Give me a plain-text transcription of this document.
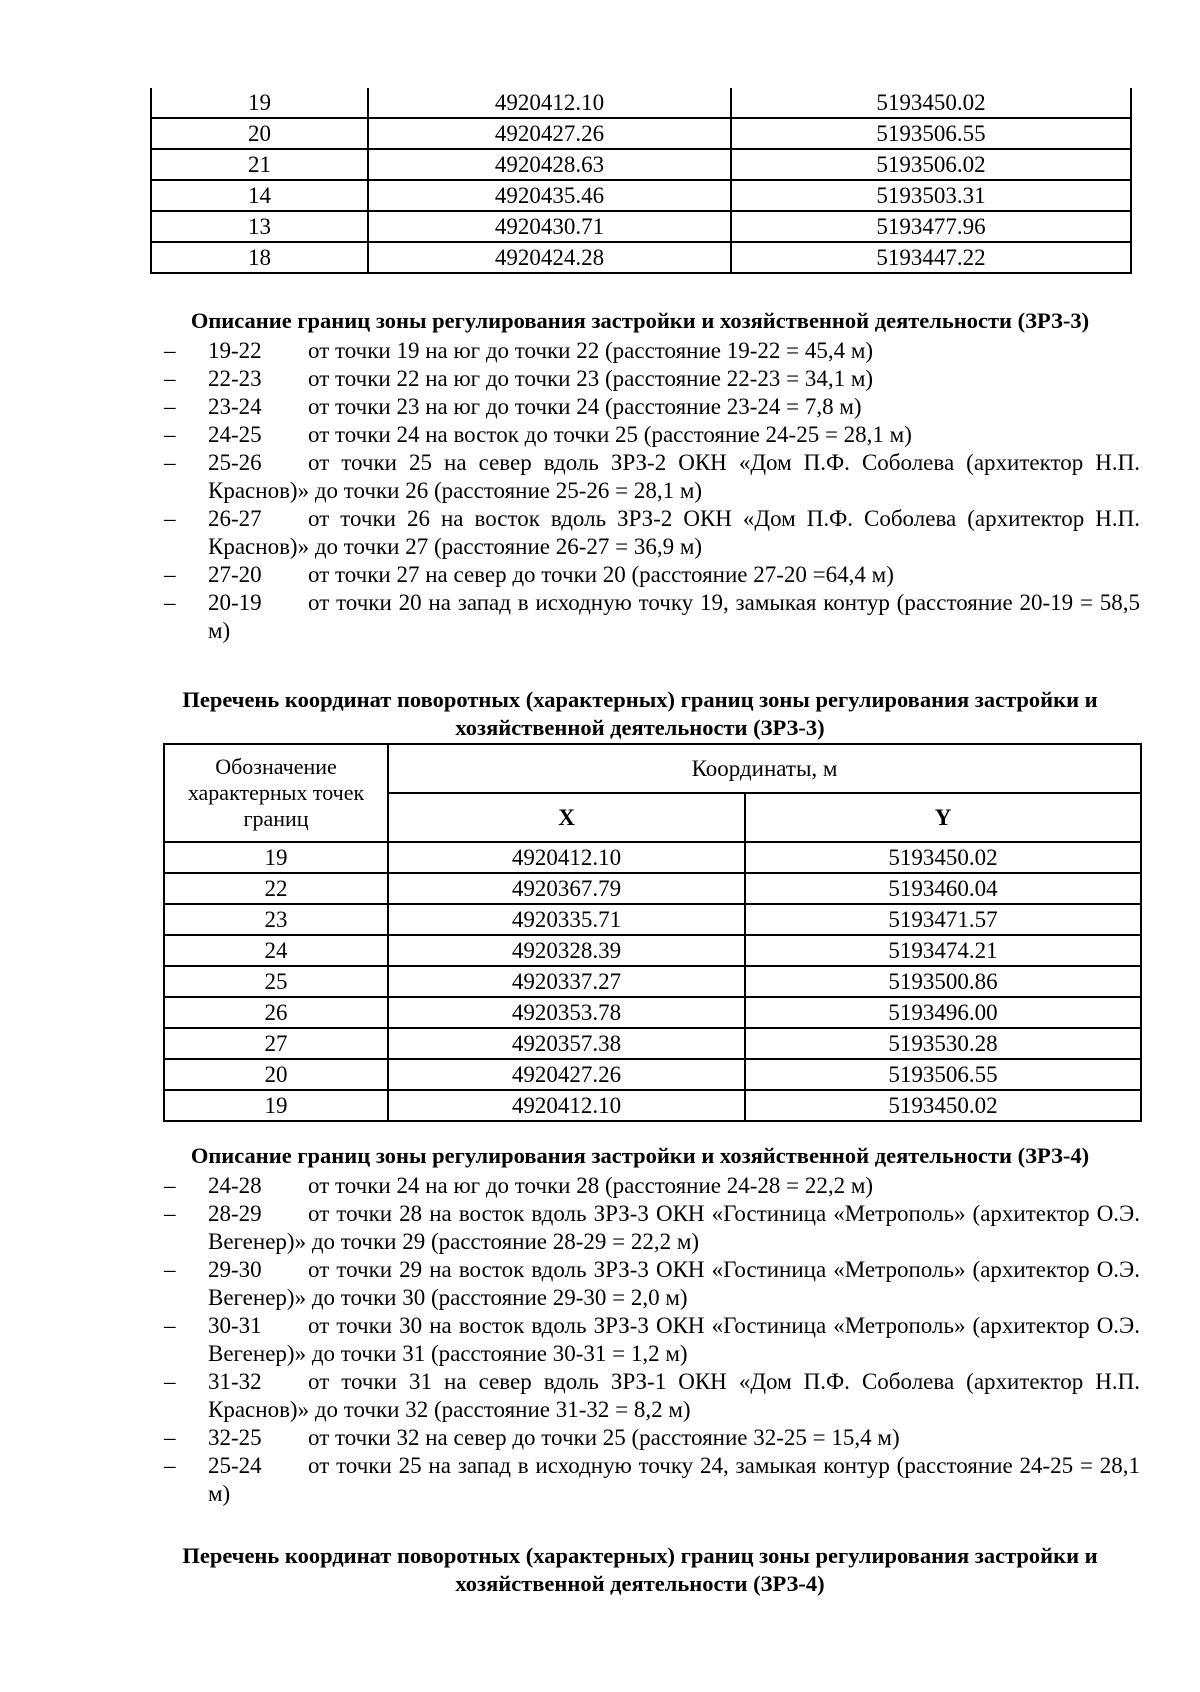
19	4920412.10	5193450.02
20	4920427.26	5193506.55
21	4920428.63	5193506.02
14	4920435.46	5193503.31
13	4920430.71	5193477.96
18	4920424.28	5193447.22
Описание границ зоны регулирования застройки и хозяйственной деятельности (ЗРЗ-3)
– 19-22 от точки 19 на юг до точки 22 (расстояние 19-22 = 45,4 м)
– 22-23 от точки 22 на юг до точки 23 (расстояние 22-23 = 34,1 м)
– 23-24 от точки 23 на юг до точки 24 (расстояние 23-24 = 7,8 м)
– 24-25 от точки 24 на восток до точки 25 (расстояние 24-25 = 28,1 м)
– 25-26 от точки 25 на север вдоль ЗРЗ-2 ОКН «Дом П.Ф. Соболева (архитектор Н.П. Краснов)» до точки 26 (расстояние 25-26 = 28,1 м)
– 26-27 от точки 26 на восток вдоль ЗРЗ-2 ОКН «Дом П.Ф. Соболева (архитектор Н.П. Краснов)» до точки 27 (расстояние 26-27 = 36,9 м)
– 27-20 от точки 27 на север до точки 20 (расстояние 27-20 =64,4 м)
– 20-19 от точки 20 на запад в исходную точку 19, замыкая контур (расстояние 20-19 = 58,5 м)
Перечень координат поворотных (характерных) границ зоны регулирования застройки и хозяйственной деятельности (ЗРЗ-3)
Обозначение характерных точек границ	Координаты, м	
	X	Y
19	4920412.10	5193450.02
22	4920367.79	5193460.04
23	4920335.71	5193471.57
24	4920328.39	5193474.21
25	4920337.27	5193500.86
26	4920353.78	5193496.00
27	4920357.38	5193530.28
20	4920427.26	5193506.55
19	4920412.10	5193450.02
Описание границ зоны регулирования застройки и хозяйственной деятельности (ЗРЗ-4)
– 24-28 от точки 24 на юг до точки 28 (расстояние 24-28 = 22,2 м)
– 28-29 от точки 28 на восток вдоль ЗРЗ-3 ОКН «Гостиница «Метрополь» (архитектор О.Э. Вегенер)» до точки 29 (расстояние 28-29 = 22,2 м)
– 29-30 от точки 29 на восток вдоль ЗРЗ-3 ОКН «Гостиница «Метрополь» (архитектор О.Э. Вегенер)» до точки 30 (расстояние 29-30 = 2,0 м)
– 30-31 от точки 30 на восток вдоль ЗРЗ-3 ОКН «Гостиница «Метрополь» (архитектор О.Э. Вегенер)» до точки 31 (расстояние 30-31 = 1,2 м)
– 31-32 от точки 31 на север вдоль ЗРЗ-1 ОКН «Дом П.Ф. Соболева (архитектор Н.П. Краснов)» до точки 32 (расстояние 31-32 = 8,2 м)
– 32-25 от точки 32 на север до точки 25 (расстояние 32-25 = 15,4 м)
– 25-24 от точки 25 на запад в исходную точку 24, замыкая контур (расстояние 24-25 = 28,1 м)
Перечень координат поворотных (характерных) границ зоны регулирования застройки и хозяйственной деятельности (ЗРЗ-4)
